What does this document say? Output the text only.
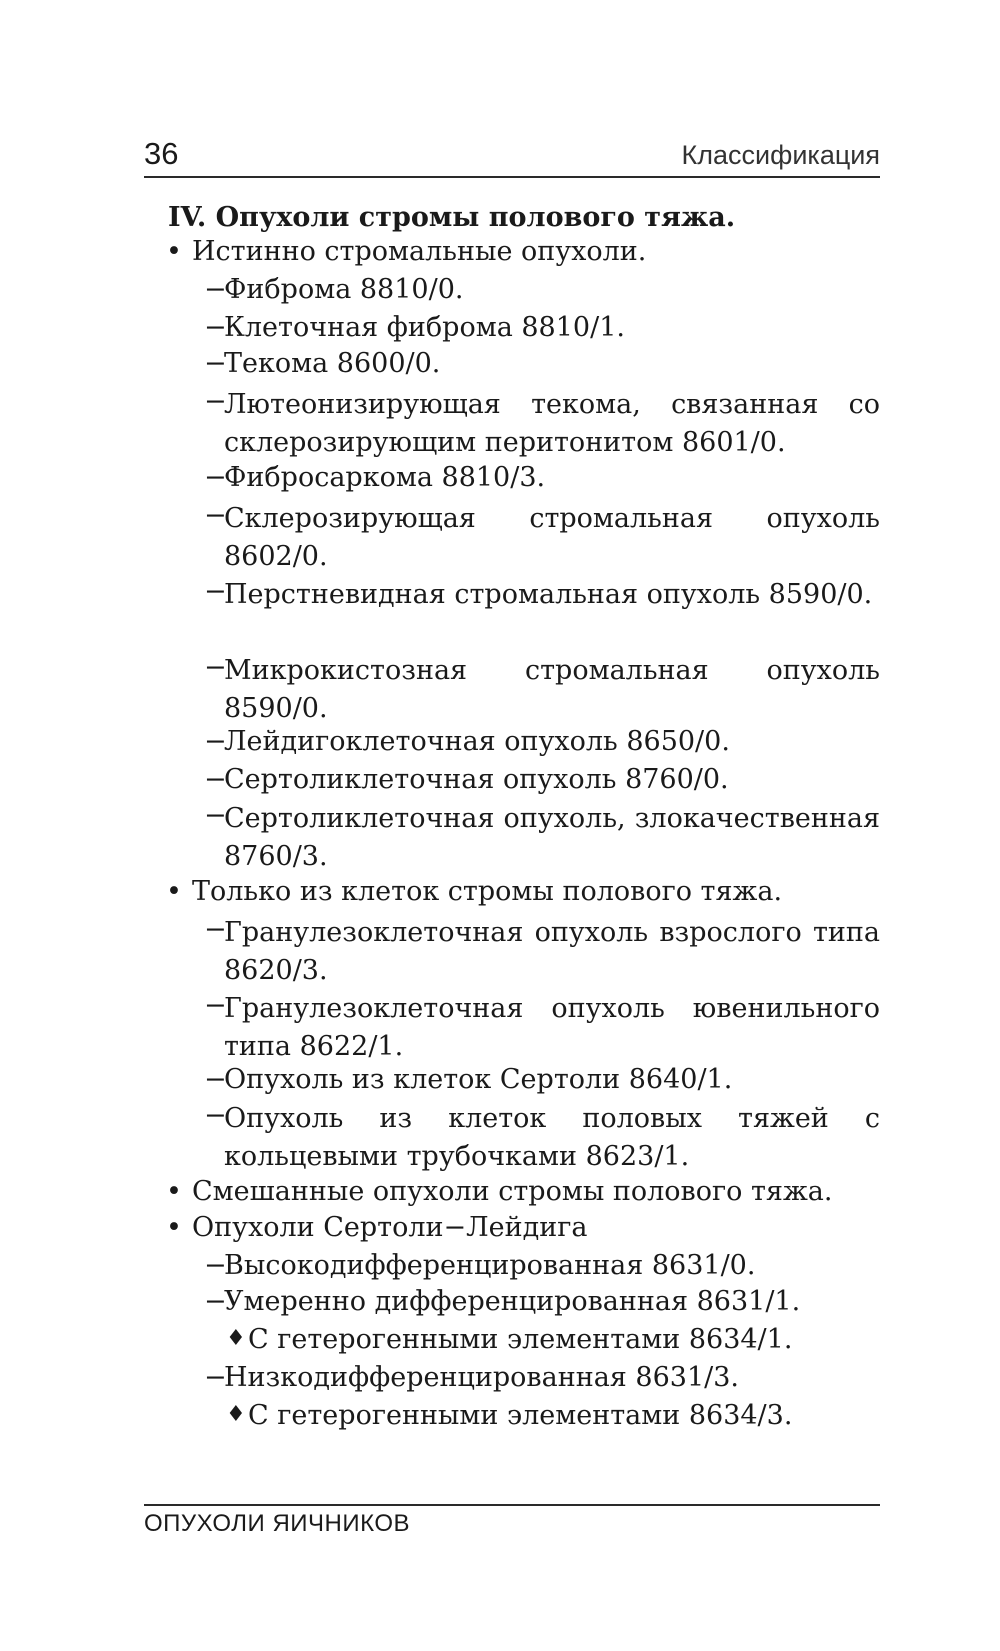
36	Классификация
IV. Опухоли стромы полового тяжа.
• Истинно стромальные опухоли.
−
Фиброма 8810/0.
−
Клеточная фиброма 8810/1.
−
Текома 8600/0.
−
Лютеонизирующая текома, связанная со склерозирующим перитонитом 8601/0.
−
Фибросаркома 8810/3.
−
Склерозирующая стромальная опухоль 8602/0.
−
Перстневидная стромальная опухоль 8590/0.
−
Микрокистозная стромальная опухоль 8590/0.
−
Лейдигоклеточная опухоль 8650/0.
−
Сертоликлеточная опухоль 8760/0.
−
Сертоликлеточная опухоль, злокачественная 8760/3.
• Только из клеток стромы полового тяжа.
−
Гранулезоклеточная опухоль взрослого типа 8620/3.
−
Гранулезоклеточная опухоль ювенильного типа 8622/1.
−
Опухоль из клеток Сертоли 8640/1.
−
Опухоль из клеток половых тяжей с кольцевыми трубочками 8623/1.
• Смешанные опухоли стромы полового тяжа.
• Опухоли Сертоли−Лейдига
−
Высокодифференцированная 8631/0.
−
Умеренно дифференцированная 8631/1.
♦ С гетерогенными элементами 8634/1.
−
Низкодифференцированная 8631/3.
♦ С гетерогенными элементами 8634/3.
ОПУХОЛИ ЯИЧНИКОВ
